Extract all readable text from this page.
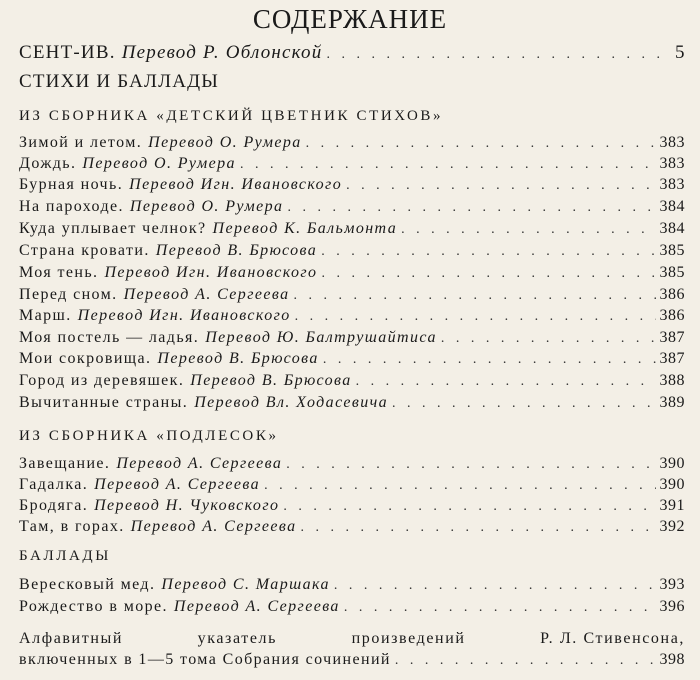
СОДЕРЖАНИЕ
СЕНТ-ИВ. Перевод Р. Облонской . . .	5
СТИХИ И БАЛЛАДЫ
ИЗ СБОРНИКА «ДЕТСКИЙ ЦВЕТНИК СТИХОВ»
Зимой и летом. Перевод О. Румера . . .	383
Дождь. Перевод О. Румера . . .	383
Бурная ночь. Перевод Игн. Ивановского . . .	383
На пароходе. Перевод О. Румера . . .	384
Куда уплывает челнок? Перевод К. Бальмонта . . .	384
Страна кровати. Перевод В. Брюсова . . .	385
Моя тень. Перевод Игн. Ивановского . . .	385
Перед сном. Перевод А. Сергеева . . .	386
Марш. Перевод Игн. Ивановского . . .	386
Моя постель — ладья. Перевод Ю. Балтрушайтиса . . .	387
Мои сокровища. Перевод В. Брюсова . . .	387
Город из деревяшек. Перевод В. Брюсова . . .	388
Вычитанные страны. Перевод Вл. Ходасевича . . .	389
ИЗ СБОРНИКА «ПОДЛЕСОК»
Завещание. Перевод А. Сергеева . . .	390
Гадалка. Перевод А. Сергеева . . .	390
Бродяга. Перевод Н. Чуковского . . .	391
Там, в горах. Перевод А. Сергеева . . .	392
БАЛЛАДЫ
Вересковый мед. Перевод С. Маршака . . .	393
Рождество в море. Перевод А. Сергеева . . .	396
Алфавитный	указатель	произведений	Р. Л. Стивенсона,
включенных в 1—5 тома Собрания сочинений . . .	398
